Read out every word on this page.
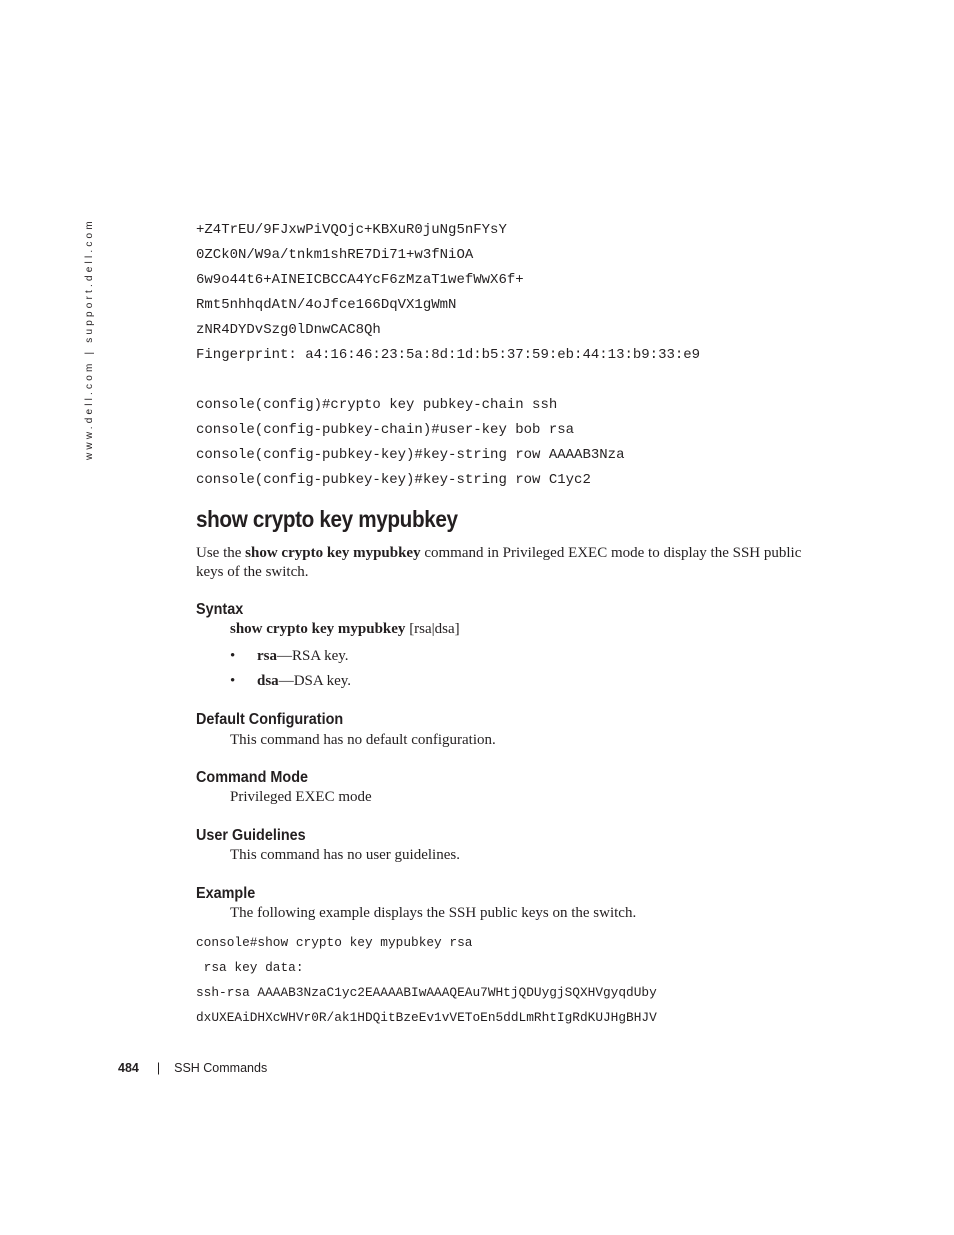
www.dell.com | support.dell.com	+Z4TrEU/9FJxwPiVQOjc+KBXuR0juNg5nFYsY
0ZCk0N/W9a/tnkm1shRE7Di71+w3fNiOA
6w9o44t6+AINEICBCCA4YcF6zMzaT1wefWwX6f+
Rmt5nhhqdAtN/4oJfce166DqVX1gWmN
zNR4DYDvSzg0lDnwCAC8Qh
Fingerprint: a4:16:46:23:5a:8d:1d:b5:37:59:eb:44:13:b9:33:e9
console(config)#crypto key pubkey-chain ssh
console(config-pubkey-chain)#user-key bob rsa
console(config-pubkey-key)#key-string row AAAAB3Nza
console(config-pubkey-key)#key-string row C1yc2
show crypto key mypubkey

Use the show crypto key mypubkey command in Privileged EXEC mode to display the SSH public keys of the switch.

Syntax

show crypto key mypubkey [rsa|dsa]

• rsa—RSA key.
• dsa—DSA key.
Default Configuration

This command has no default configuration.

Command Mode

Privileged EXEC mode

User Guidelines

This command has no user guidelines.

Example

The following example displays the SSH public keys on the switch.

console#show crypto key mypubkey rsa
rsa key data:
ssh-rsa AAAAB3NzaC1yc2EAAAABIwAAAQEAu7WHtjQDUygjSQXHVgyqdUby
dxUXEAiDHXcWHVr0R/ak1HDQitBzeEv1vVEToEn5ddLmRhtIgRdKUJHgBHJV
484 | SSH Commands
